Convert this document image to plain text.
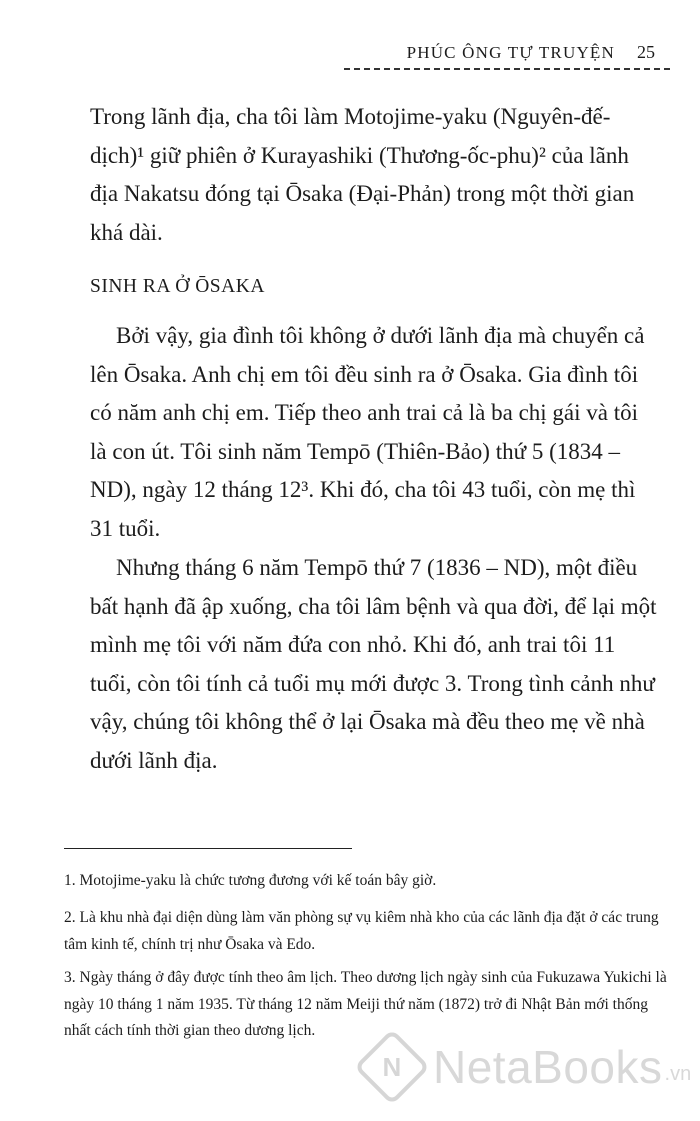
PHÚC ÔNG TỰ TRUYỆN 25

Trong lãnh địa, cha tôi làm Motojime-yaku (Nguyên-đế-dịch)¹ giữ phiên ở Kurayashiki (Thương-ốc-phu)² của lãnh địa Nakatsu đóng tại Ōsaka (Đại-Phản) trong một thời gian khá dài.

SINH RA Ở ŌSAKA

Bởi vậy, gia đình tôi không ở dưới lãnh địa mà chuyển cả lên Ōsaka. Anh chị em tôi đều sinh ra ở Ōsaka. Gia đình tôi có năm anh chị em. Tiếp theo anh trai cả là ba chị gái và tôi là con út. Tôi sinh năm Tempō (Thiên-Bảo) thứ 5 (1834 – ND), ngày 12 tháng 12³. Khi đó, cha tôi 43 tuổi, còn mẹ thì 31 tuổi.

Nhưng tháng 6 năm Tempō thứ 7 (1836 – ND), một điều bất hạnh đã ập xuống, cha tôi lâm bệnh và qua đời, để lại một mình mẹ tôi với năm đứa con nhỏ. Khi đó, anh trai tôi 11 tuổi, còn tôi tính cả tuổi mụ mới được 3. Trong tình cảnh như vậy, chúng tôi không thể ở lại Ōsaka mà đều theo mẹ về nhà dưới lãnh địa.

1. Motojime-yaku là chức tương đương với kế toán bây giờ.

2. Là khu nhà đại diện dùng làm văn phòng sự vụ kiêm nhà kho của các lãnh địa đặt ở các trung tâm kinh tế, chính trị như Ōsaka và Edo.

3. Ngày tháng ở đây được tính theo âm lịch. Theo dương lịch ngày sinh của Fukuzawa Yukichi là ngày 10 tháng 1 năm 1935. Từ tháng 12 năm Meiji thứ năm (1872) trở đi Nhật Bản mới thống nhất cách tính thời gian theo dương lịch.

N NetaBooks .vn
